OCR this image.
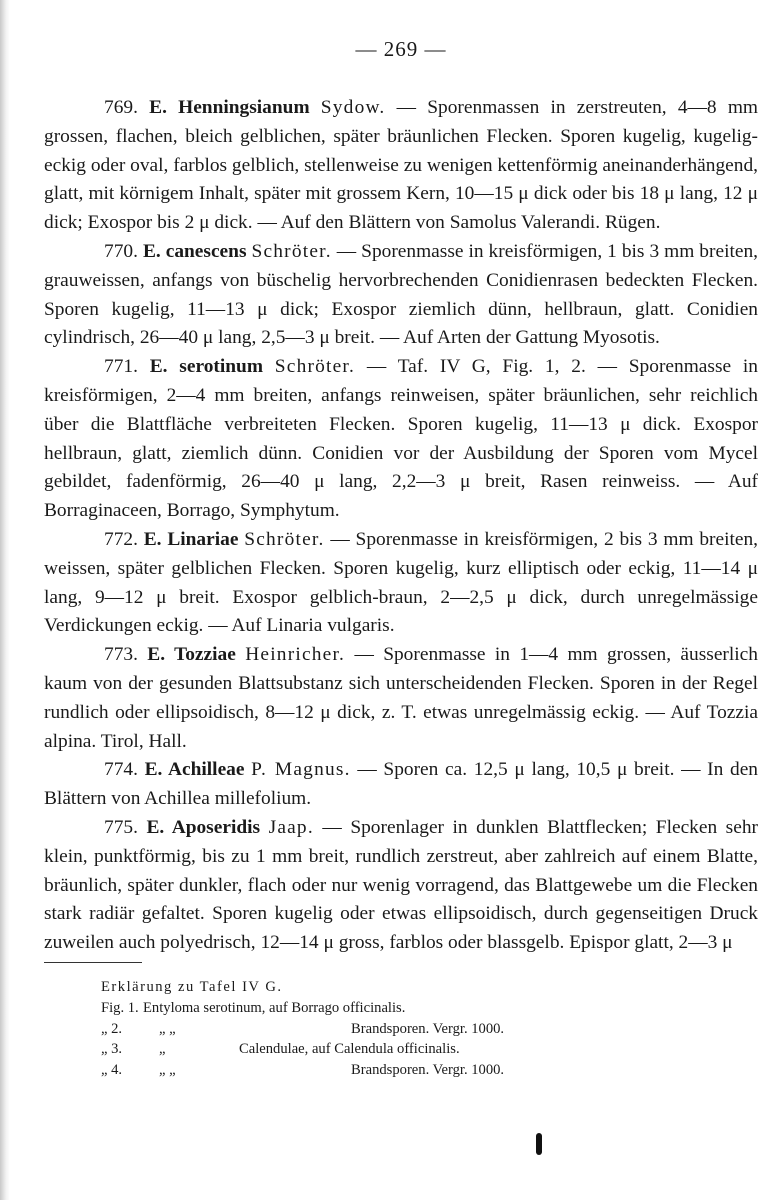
— 269 —

769. E. Henningsianum Sydow. — Sporenmassen in zerstreuten, 4—8 mm grossen, flachen, bleich gelblichen, später bräunlichen Flecken. Sporen kugelig, kugelig-eckig oder oval, farblos gelblich, stellenweise zu wenigen kettenförmig aneinanderhängend, glatt, mit körnigem Inhalt, später mit grossem Kern, 10—15 μ dick oder bis 18 μ lang, 12 μ dick; Exospor bis 2 μ dick. — Auf den Blättern von Samolus Valerandi. Rügen.

770. E. canescens Schröter. — Sporenmasse in kreisförmigen, 1 bis 3 mm breiten, grauweissen, anfangs von büschelig hervorbrechenden Conidienrasen bedeckten Flecken. Sporen kugelig, 11—13 μ dick; Exospor ziemlich dünn, hellbraun, glatt. Conidien cylindrisch, 26—40 μ lang, 2,5—3 μ breit. — Auf Arten der Gattung Myosotis.

771. E. serotinum Schröter. — Taf. IV G, Fig. 1, 2. — Sporenmasse in kreisförmigen, 2—4 mm breiten, anfangs reinweisen, später bräunlichen, sehr reichlich über die Blattfläche verbreiteten Flecken. Sporen kugelig, 11—13 μ dick. Exospor hellbraun, glatt, ziemlich dünn. Conidien vor der Ausbildung der Sporen vom Mycel gebildet, fadenförmig, 26—40 μ lang, 2,2—3 μ breit, Rasen reinweiss. — Auf Borraginaceen, Borrago, Symphytum.

772. E. Linariae Schröter. — Sporenmasse in kreisförmigen, 2 bis 3 mm breiten, weissen, später gelblichen Flecken. Sporen kugelig, kurz elliptisch oder eckig, 11—14 μ lang, 9—12 μ breit. Exospor gelblich-braun, 2—2,5 μ dick, durch unregelmässige Verdickungen eckig. — Auf Linaria vulgaris.

773. E. Tozziae Heinricher. — Sporenmasse in 1—4 mm grossen, äusserlich kaum von der gesunden Blattsubstanz sich unterscheidenden Flecken. Sporen in der Regel rundlich oder ellipsoidisch, 8—12 μ dick, z. T. etwas unregelmässig eckig. — Auf Tozzia alpina. Tirol, Hall.

774. E. Achilleae P. Magnus. — Sporen ca. 12,5 μ lang, 10,5 μ breit. — In den Blättern von Achillea millefolium.

775. E. Aposeridis Jaap. — Sporenlager in dunklen Blattflecken; Flecken sehr klein, punktförmig, bis zu 1 mm breit, rundlich zerstreut, aber zahlreich auf einem Blatte, bräunlich, später dunkler, flach oder nur wenig vorragend, das Blattgewebe um die Flecken stark radiär gefaltet. Sporen kugelig oder etwas ellipsoidisch, durch gegenseitigen Druck zuweilen auch polyedrisch, 12—14 μ gross, farblos oder blassgelb. Epispor glatt, 2—3 μ

Erklärung zu Tafel IV G.

Fig. 1. Entyloma serotinum, auf Borrago officinalis.

„ 2.	„ „	Brandsporen. Vergr. 1000.

„ 3.	„	Calendulae, auf Calendula officinalis.

„ 4.	„ „	Brandsporen. Vergr. 1000.
